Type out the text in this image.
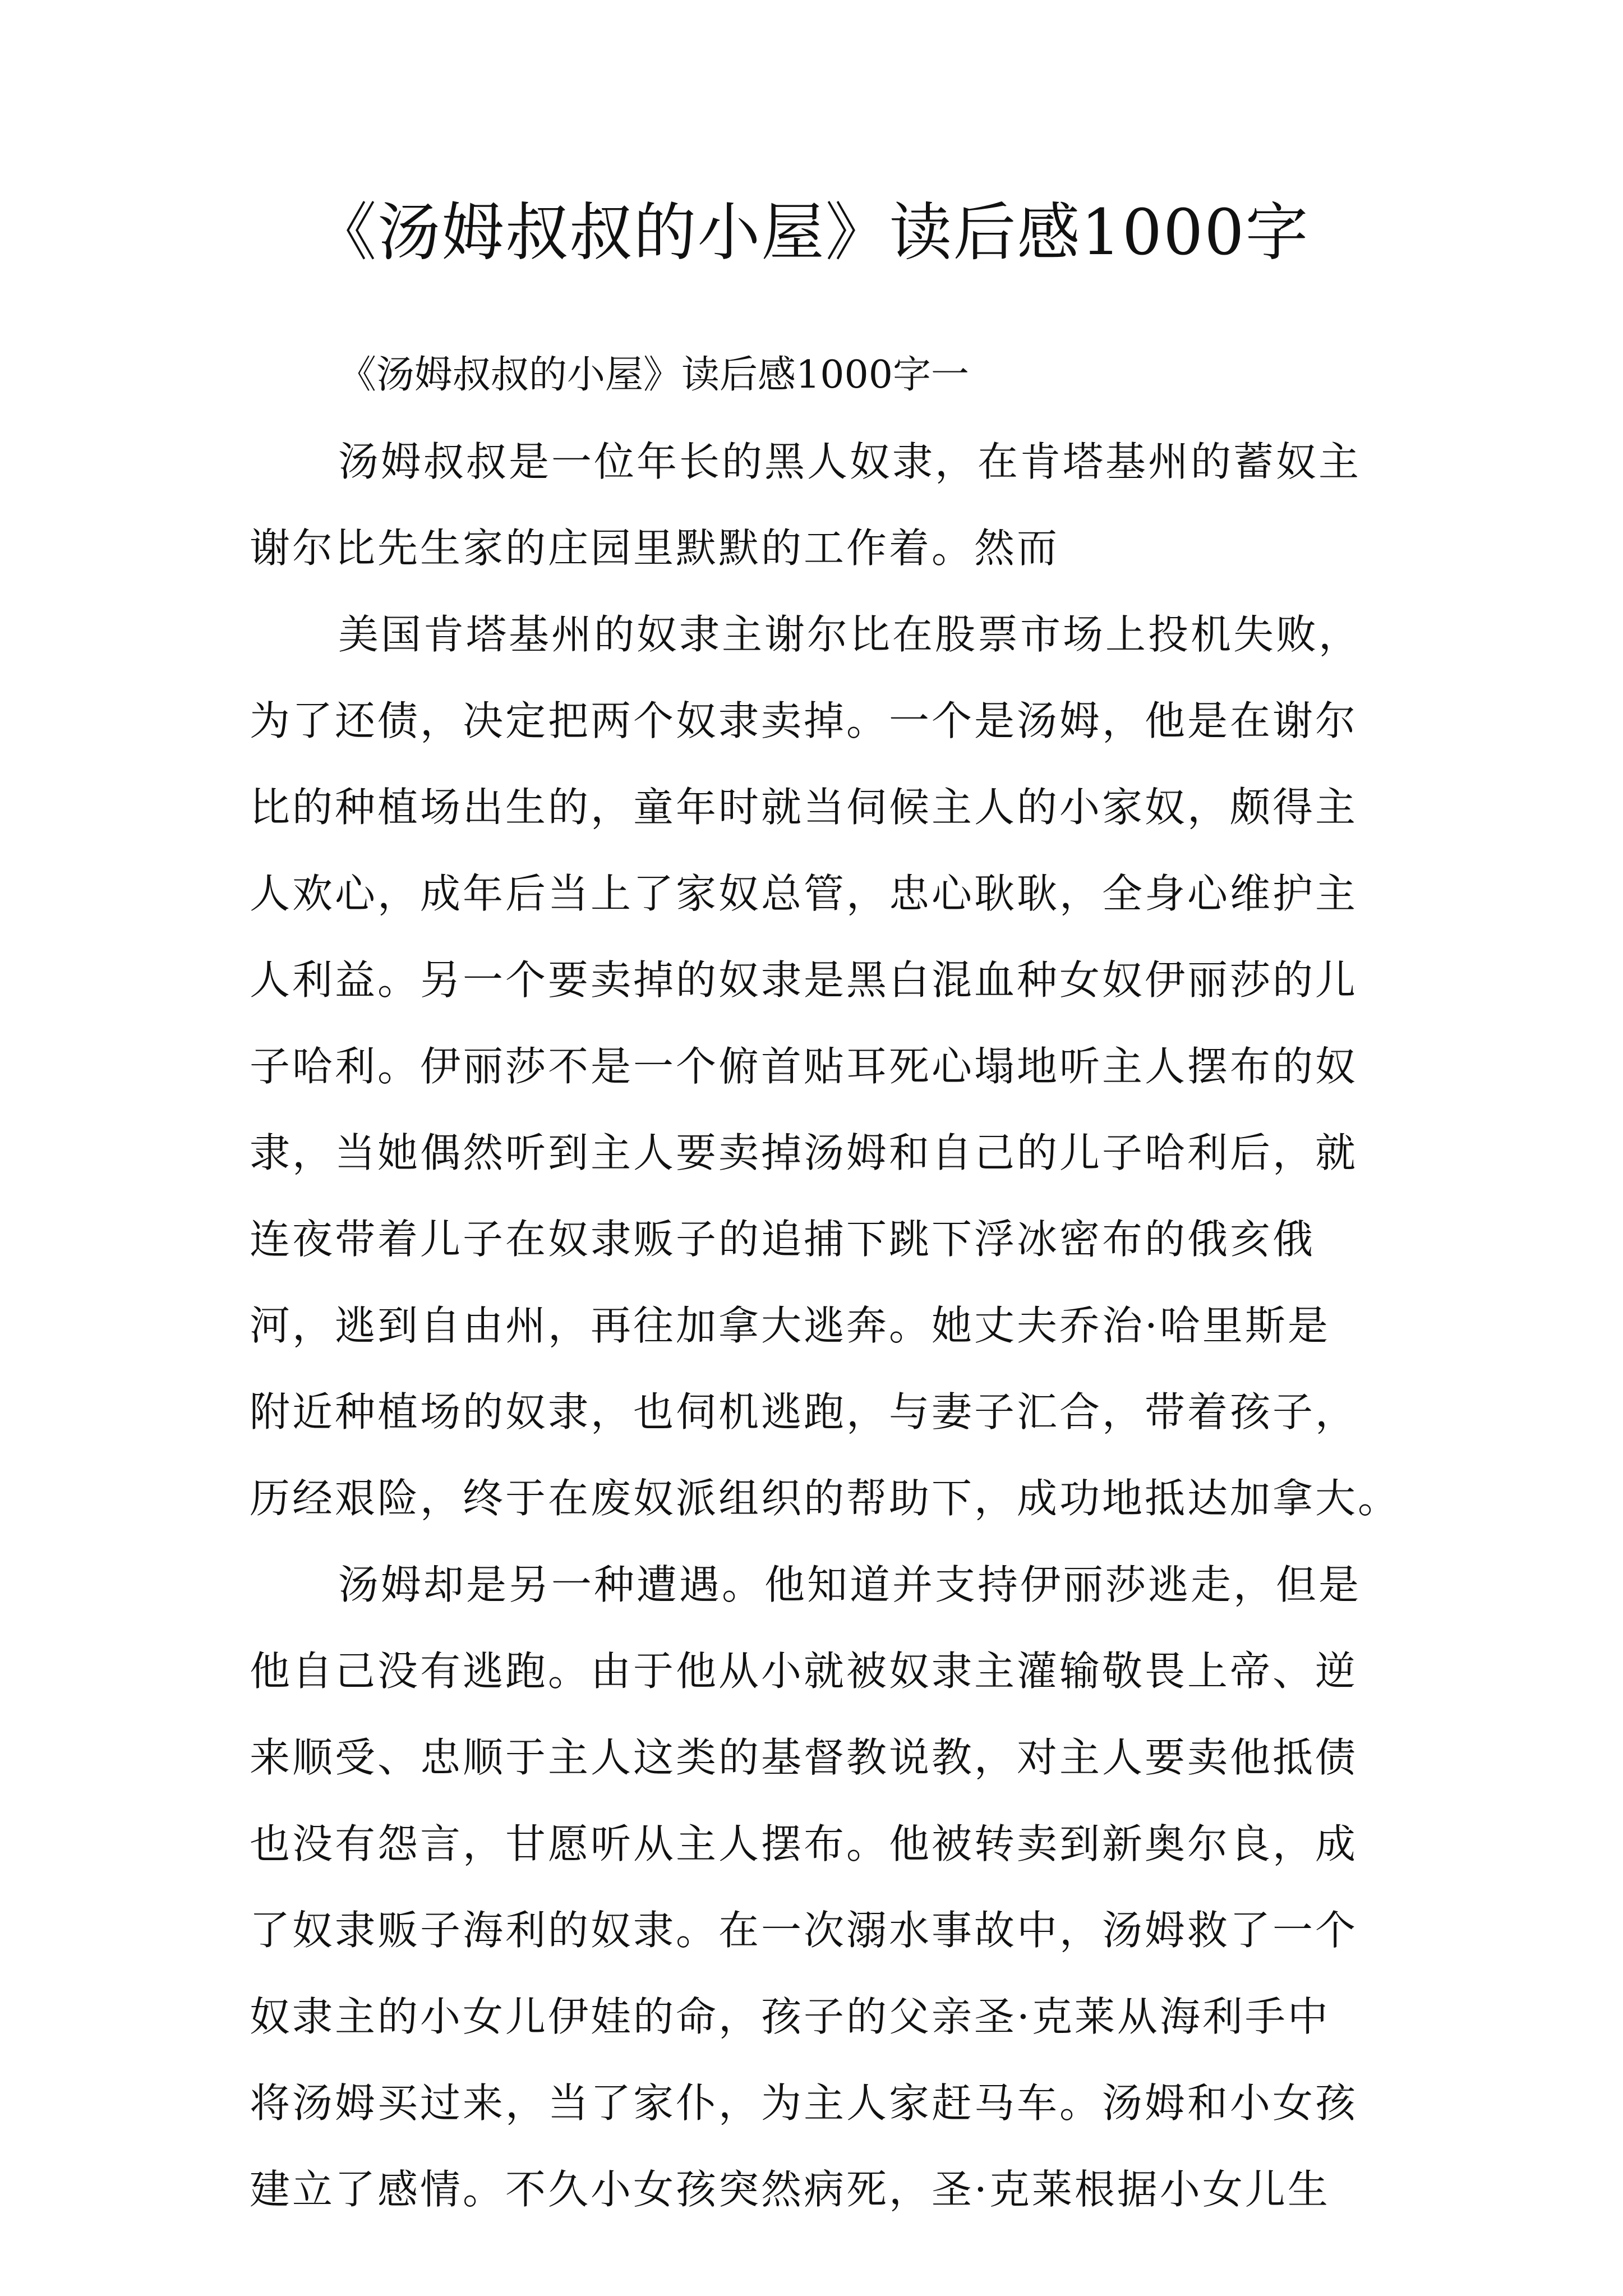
《汤姆叔叔的小屋》读后感1000字
《汤姆叔叔的小屋》读后感1000字一
汤姆叔叔是一位年长的黑人奴隶，在肯塔基州的蓄奴主
谢尔比先生家的庄园里默默的工作着。然而
美国肯塔基州的奴隶主谢尔比在股票市场上投机失败，
为了还债，决定把两个奴隶卖掉。一个是汤姆，他是在谢尔
比的种植场出生的，童年时就当伺候主人的小家奴，颇得主
人欢心，成年后当上了家奴总管，忠心耿耿，全身心维护主
人利益。另一个要卖掉的奴隶是黑白混血种女奴伊丽莎的儿
子哈利。伊丽莎不是一个俯首贴耳死心塌地听主人摆布的奴
隶，当她偶然听到主人要卖掉汤姆和自己的儿子哈利后，就
连夜带着儿子在奴隶贩子的追捕下跳下浮冰密布的俄亥俄
河，逃到自由州，再往加拿大逃奔。她丈夫乔治·哈里斯是
附近种植场的奴隶，也伺机逃跑，与妻子汇合，带着孩子，
历经艰险，终于在废奴派组织的帮助下，成功地抵达加拿大。
汤姆却是另一种遭遇。他知道并支持伊丽莎逃走，但是
他自己没有逃跑。由于他从小就被奴隶主灌输敬畏上帝、逆
来顺受、忠顺于主人这类的基督教说教，对主人要卖他抵债
也没有怨言，甘愿听从主人摆布。他被转卖到新奥尔良，成
了奴隶贩子海利的奴隶。在一次溺水事故中，汤姆救了一个
奴隶主的小女儿伊娃的命，孩子的父亲圣·克莱从海利手中
将汤姆买过来，当了家仆，为主人家赶马车。汤姆和小女孩
建立了感情。不久小女孩突然病死，圣·克莱根据小女儿生
